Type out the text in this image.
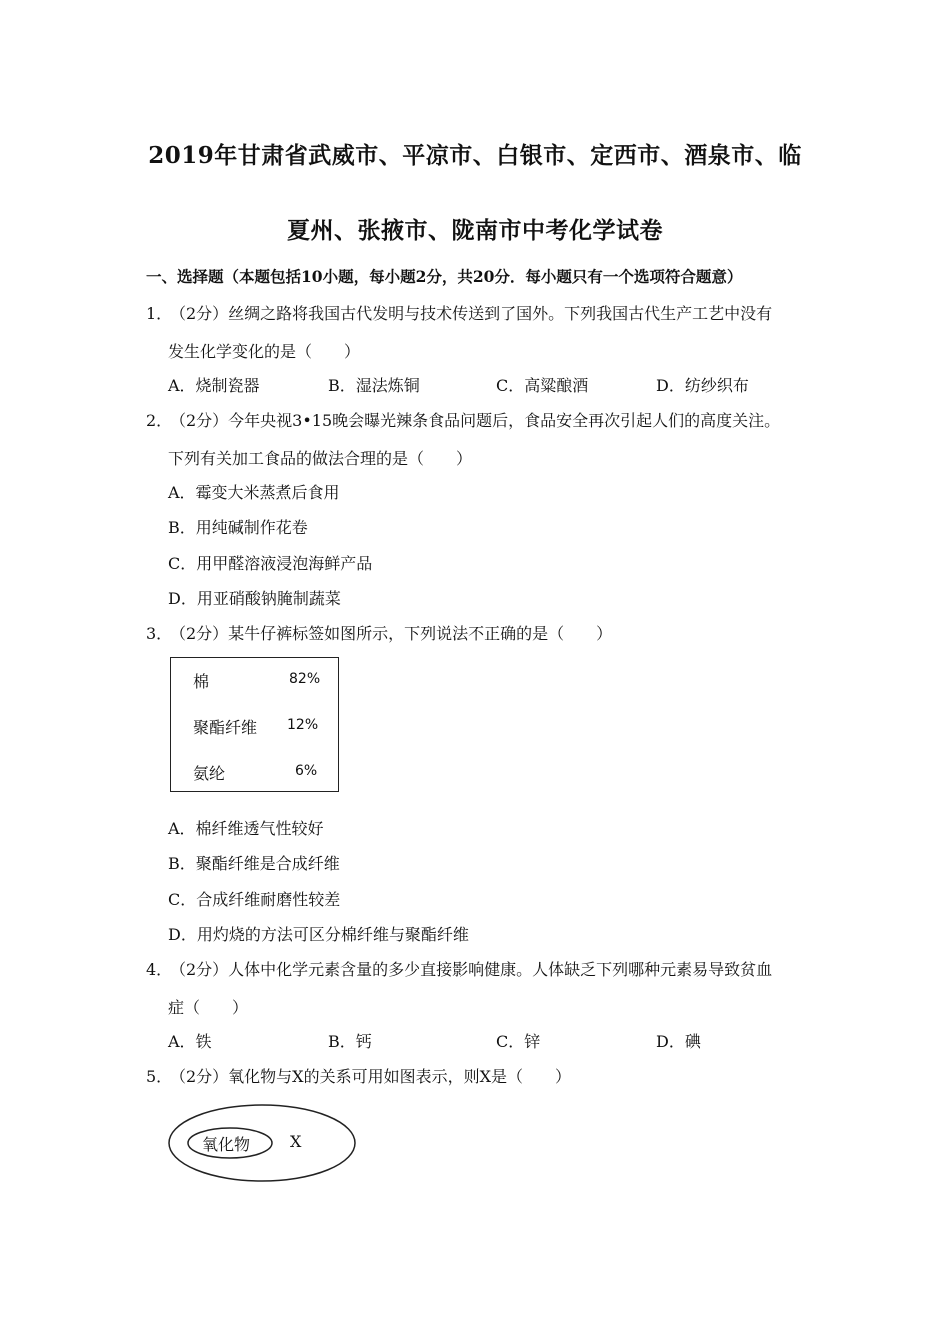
2019年甘肃省武威市、平凉市、白银市、定西市、酒泉市、临
夏州、张掖市、陇南市中考化学试卷
一、选择题（本题包括10小题，每小题2分，共20分．每小题只有一个选项符合题意）
1．（2分）丝绸之路将我国古代发明与技术传送到了国外。下列我国古代生产工艺中没有
发生化学变化的是（　　）
A．烧制瓷器	B．湿法炼铜	C．高粱酿酒	D．纺纱织布
2．（2分）今年央视3•15晚会曝光辣条食品问题后，食品安全再次引起人们的高度关注。
下列有关加工食品的做法合理的是（　　）
A．霉变大米蒸煮后食用
B．用纯碱制作花卷
C．用甲醛溶液浸泡海鲜产品
D．用亚硝酸钠腌制蔬菜
3．（2分）某牛仔裤标签如图所示，下列说法不正确的是（　　）
棉	82%
聚酯纤维 12%
氨纶	6%
A．棉纤维透气性较好
B．聚酯纤维是合成纤维
C．合成纤维耐磨性较差
D．用灼烧的方法可区分棉纤维与聚酯纤维
4．（2分）人体中化学元素含量的多少直接影响健康。人体缺乏下列哪种元素易导致贫血
症（　　）
A．铁	B．钙	C．锌	D．碘
5．（2分）氧化物与X的关系可用如图表示，则X是（　　）
氧化物 X
